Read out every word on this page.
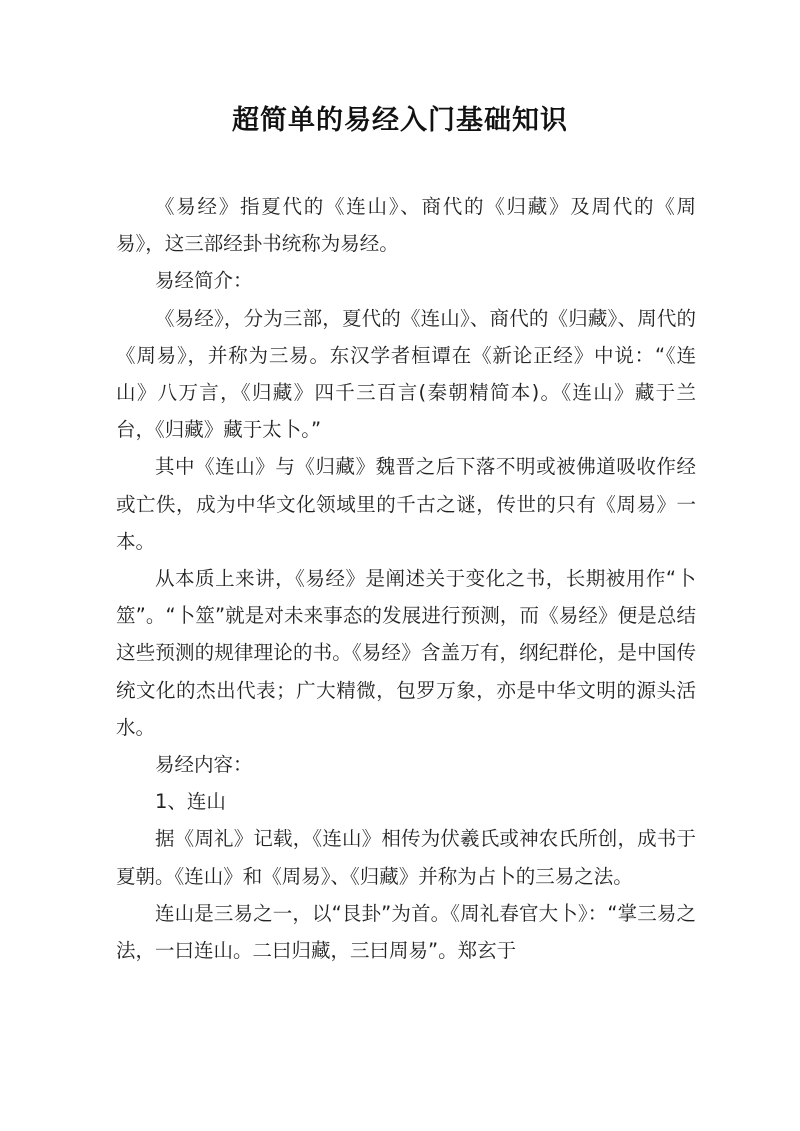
超简单的易经入门基础知识

《易经》指夏代的《连山》、商代的《归藏》及周代的《周易》，这三部经卦书统称为易经。

易经简介：

《易经》，分为三部，夏代的《连山》、商代的《归藏》、周代的《周易》，并称为三易。东汉学者桓谭在《新论正经》中说：“《连山》八万言，《归藏》四千三百言(秦朝精简本)。《连山》藏于兰台，《归藏》藏于太卜。”

其中《连山》与《归藏》魏晋之后下落不明或被佛道吸收作经或亡佚，成为中华文化领域里的千古之谜，传世的只有《周易》一本。

从本质上来讲，《易经》是阐述关于变化之书，长期被用作“卜筮”。“卜筮”就是对未来事态的发展进行预测，而《易经》便是总结这些预测的规律理论的书。《易经》含盖万有，纲纪群伦，是中国传统文化的杰出代表；广大精微，包罗万象，亦是中华文明的源头活水。

易经内容：

1、连山

据《周礼》记载，《连山》相传为伏羲氏或神农氏所创，成书于夏朝。《连山》和《周易》、《归藏》并称为占卜的三易之法。

连山是三易之一，以“艮卦”为首。《周礼春官大卜》：“掌三易之法，一曰连山。二曰归藏，三曰周易”。郑玄于
